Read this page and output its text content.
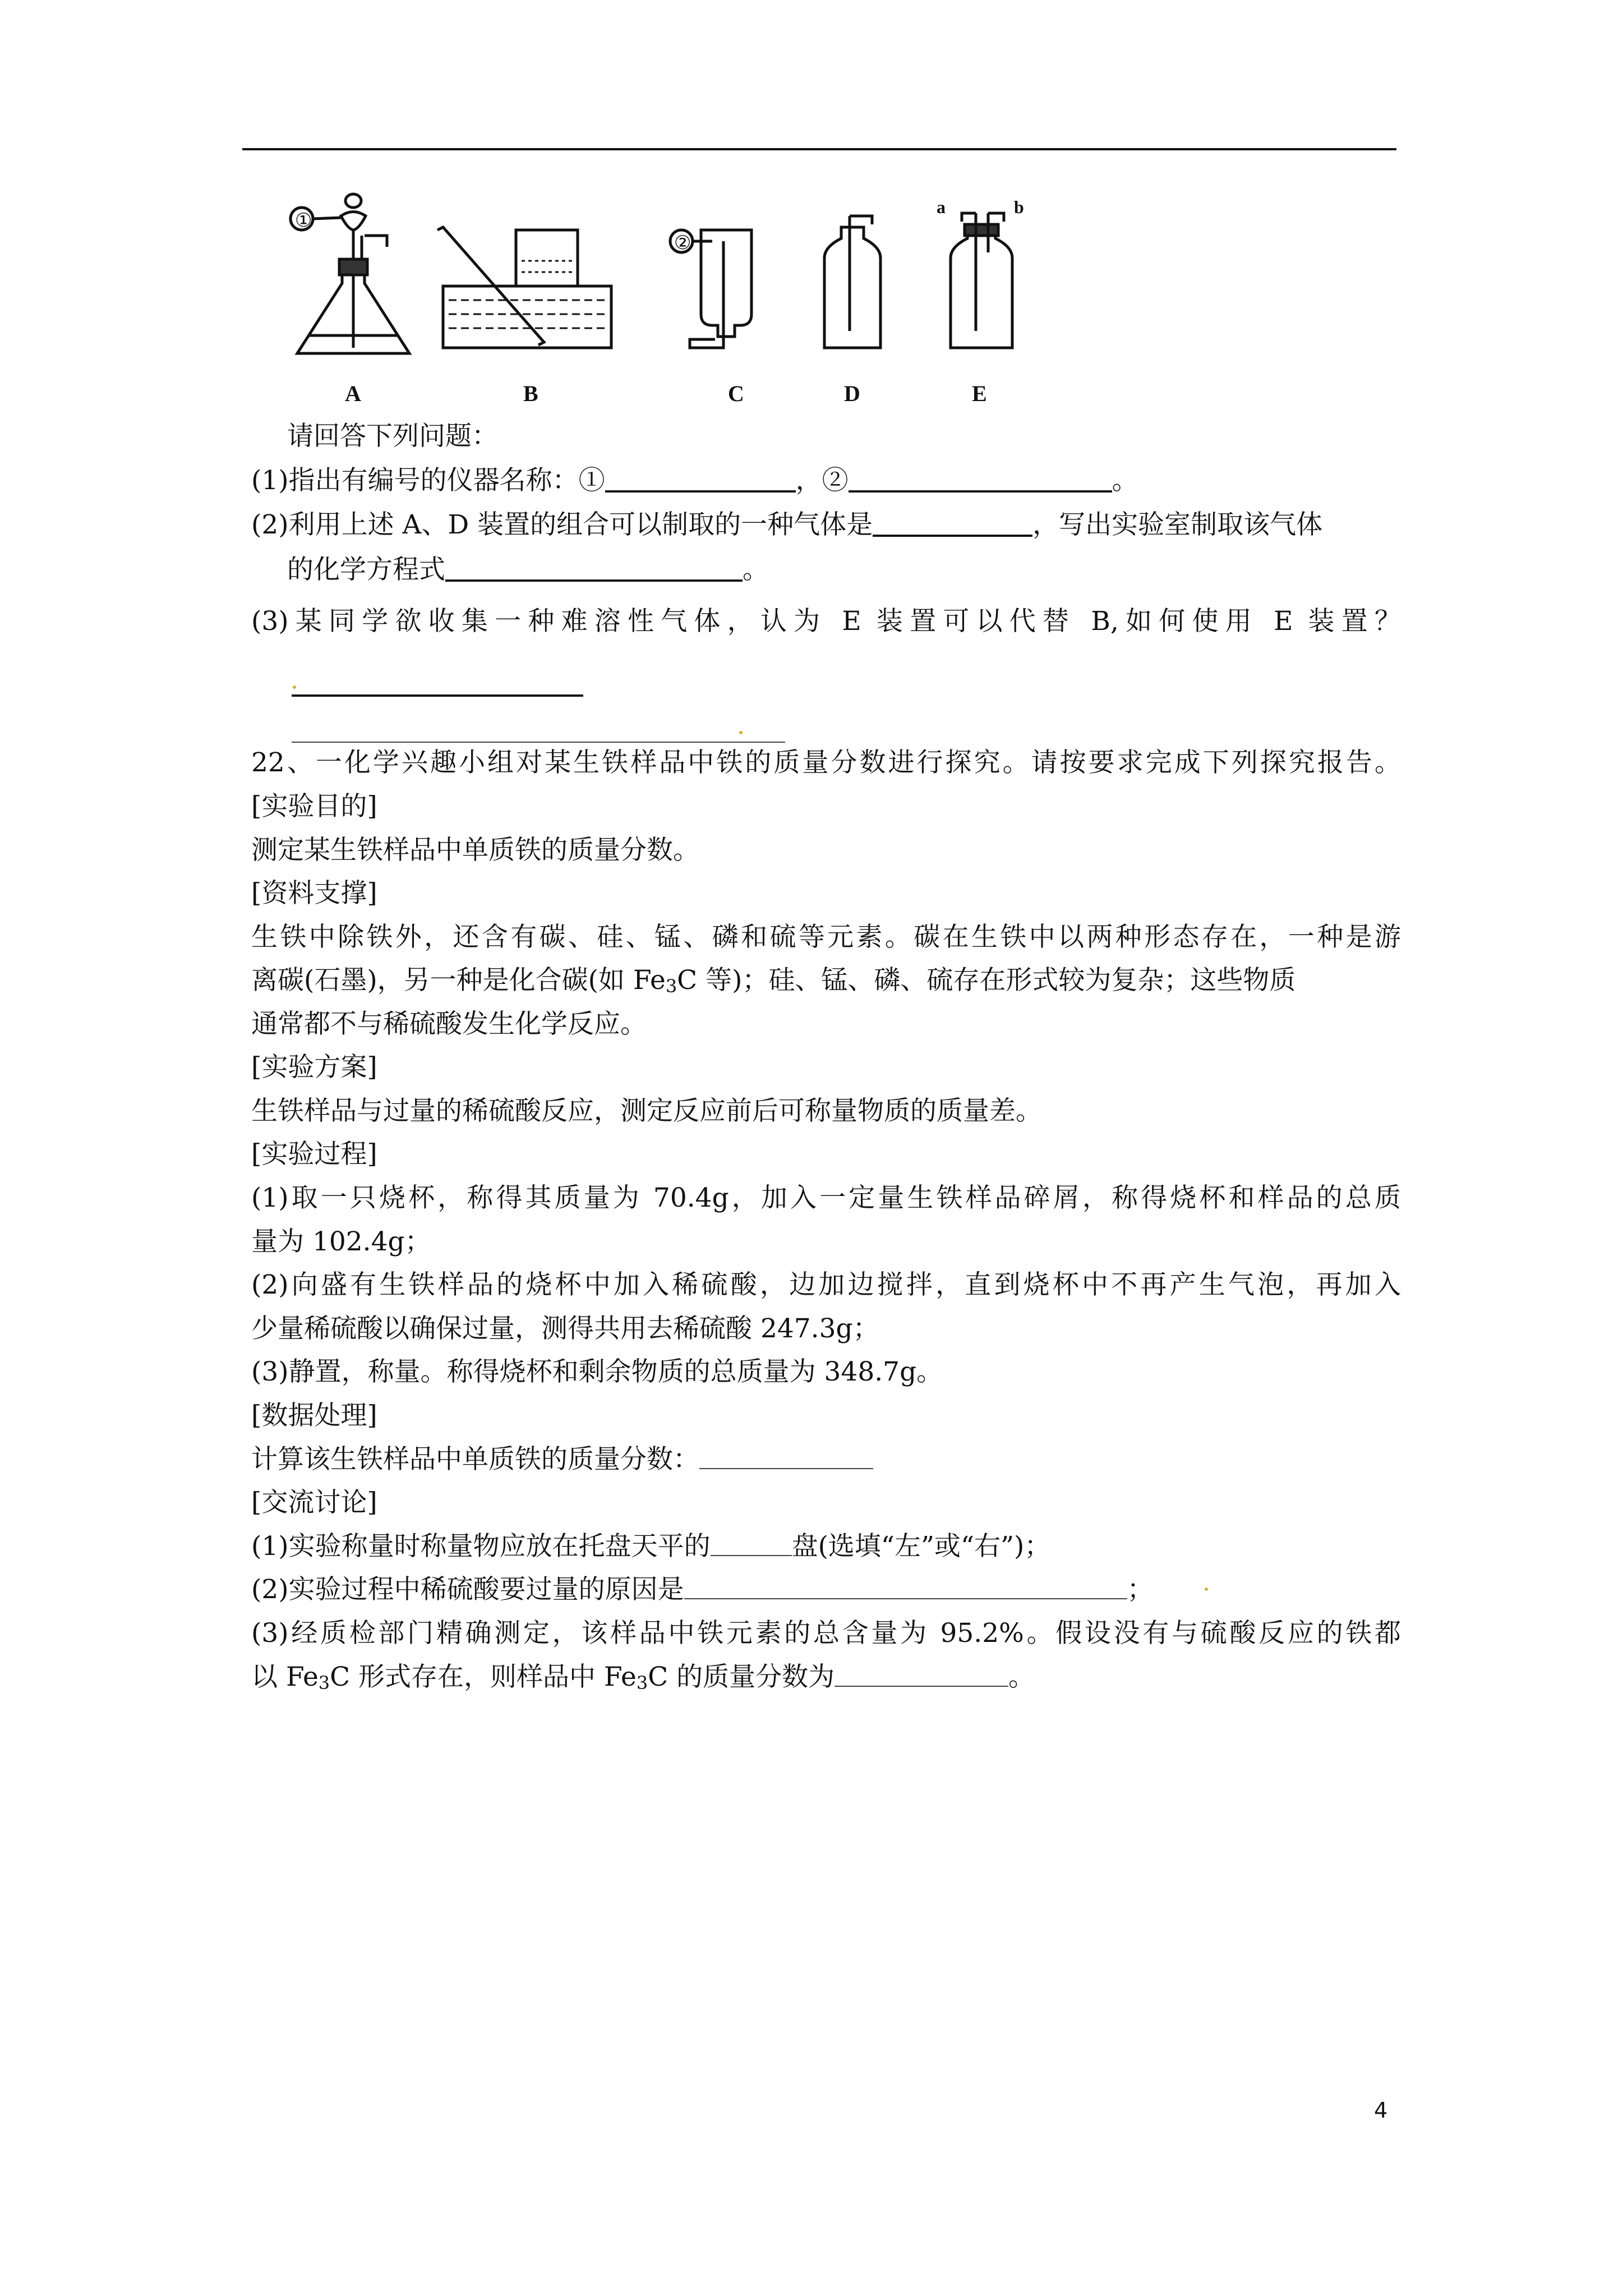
①
②
a	b
A	B	C	D	E
请回答下列问题：
(1)指出有编号的仪器名称：①	，②	。
(2)利用上述 A、D 装置的组合可以制取的一种气体是	，写出实验室制取该气体
的化学方程式	。
(3)某同学欲收集一种难溶性气体，认为 E 装置可以代替 B,如何使用 E 装置？
22、一化学兴趣小组对某生铁样品中铁的质量分数进行探究。请按要求完成下列探究报告。
[实验目的]
测定某生铁样品中单质铁的质量分数。
[资料支撑]
生铁中除铁外，还含有碳、硅、锰、磷和硫等元素。碳在生铁中以两种形态存在，一种是游
离碳(石墨)，另一种是化合碳(如 $Fe_3C$ 等)；硅、锰、磷、硫存在形式较为复杂；这些物质
通常都不与稀硫酸发生化学反应。
[实验方案]
生铁样品与过量的稀硫酸反应，测定反应前后可称量物质的质量差。
[实验过程]
(1)取一只烧杯，称得其质量为 70.4g，加入一定量生铁样品碎屑，称得烧杯和样品的总质
量为 102.4g；
(2)向盛有生铁样品的烧杯中加入稀硫酸，边加边搅拌，直到烧杯中不再产生气泡，再加入
少量稀硫酸以确保过量，测得共用去稀硫酸 247.3g；
(3)静置，称量。称得烧杯和剩余物质的总质量为 348.7g。
[数据处理]
计算该生铁样品中单质铁的质量分数：
[交流讨论]
(1)实验称量时称量物应放在托盘天平的	盘(选填“左”或“右”)；
(2)实验过程中稀硫酸要过量的原因是	；
(3)经质检部门精确测定，该样品中铁元素的总含量为 95.2%。假设没有与硫酸反应的铁都
以 $Fe_3C$ 形式存在，则样品中 $Fe_3C$ 的质量分数为	。
4
